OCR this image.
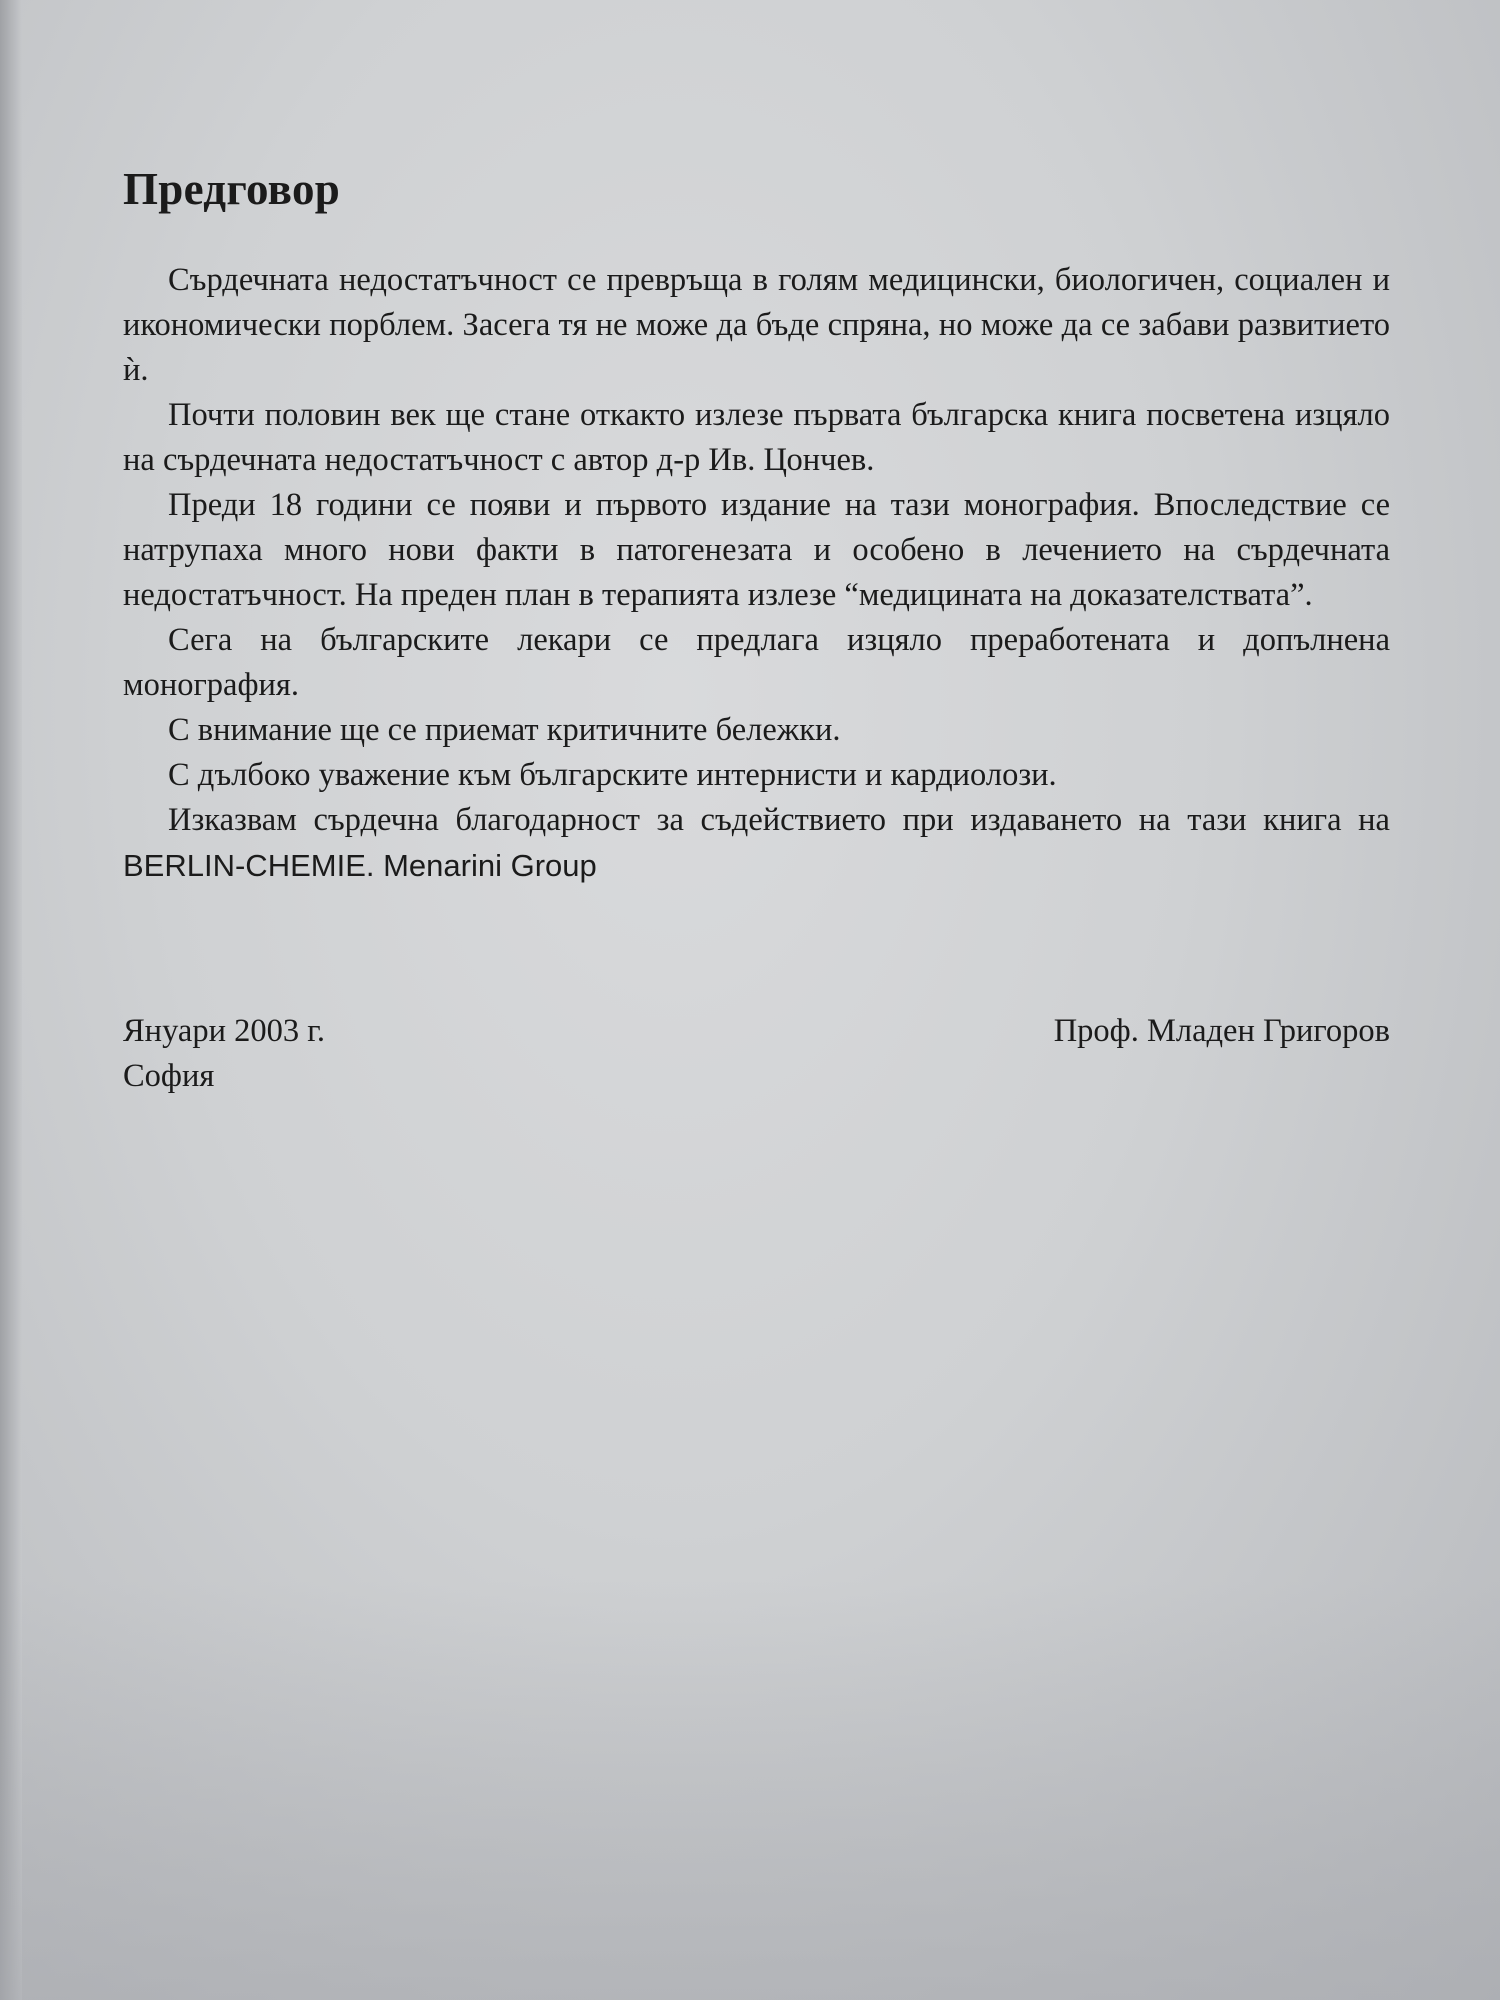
Предговор

Сърдечната недостатъчност се превръща в голям медицински, биологичен, социален и икономически порблем. Засега тя не може да бъде спряна, но може да се забави развитието ѝ.

Почти половин век ще стане откакто излезе първата българска книга посветена изцяло на сърдечната недостатъчност с автор д-р Ив. Цончев.

Преди 18 години се появи и първото издание на тази монография. Впоследствие се натрупаха много нови факти в патогенезата и особено в лечението на сърдечната недостатъчност. На преден план в терапията излезе “медицината на доказателствата”.

Сега на българските лекари се предлага изцяло преработената и допълнена монография.

С внимание ще се приемат критичните бележки.

С дълбоко уважение към българските интернисти и кардиолози.

Изказвам сърдечна благодарност за съдействието при издаването на тази книга на BERLIN-CHEMIE. Menarini Group

Януари 2003 г.
София
Проф. Младен Григоров
